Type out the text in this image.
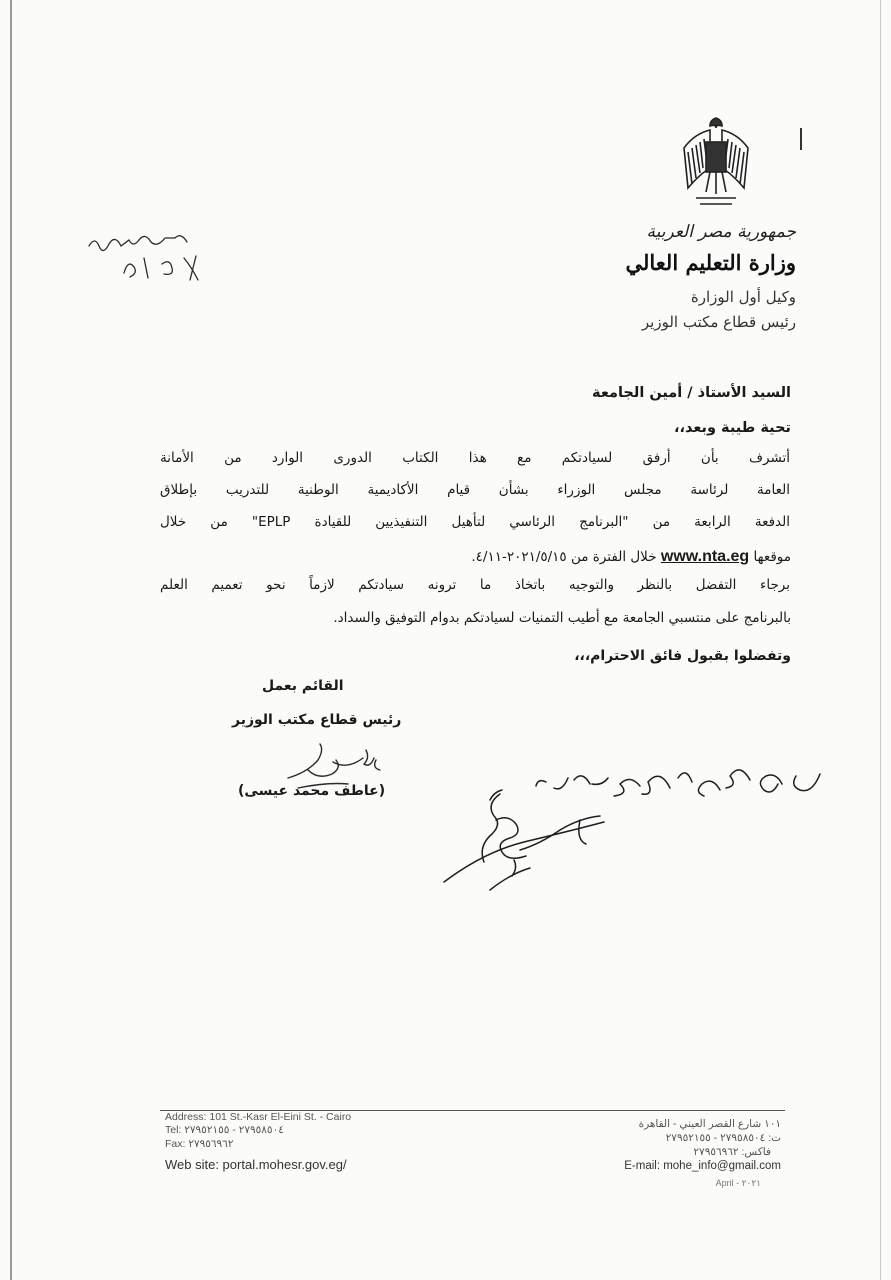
جمهورية مصر العربية
وزارة التعليم العالي
وكيل أول الوزارة
رئيس قطاع مكتب الوزير
السيد الأستاذ / أمين الجامعة
تحية طيبة وبعد،،
أتشرف بأن أرفق لسيادتكم مع هذا الكتاب الدورى الوارد من الأمانة
العامة لرئاسة مجلس الوزراء بشأن قيام الأكاديمية الوطنية للتدريب بإطلاق
الدفعة الرابعة من "البرنامج الرئاسي لتأهيل التنفيذيين للقيادة EPLP" من خلال
موقعها www.nta.eg خلال الفترة من ٢٠٢١/٥/١٥-٤/١١.
برجاء التفضل بالنظر والتوجيه باتخاذ ما ترونه سيادتكم لازماً نحو تعميم العلم
بالبرنامج على منتسبي الجامعة مع أطيب التمنيات لسيادتكم بدوام التوفيق والسداد.
وتفضلوا بقبول فائق الاحترام،،،
القائم بعمل
رئيس قطاع مكتب الوزير
(عاطف محمد عيسى)
Address: 101 St.-Kasr El-Eini St. - Cairo
Tel: ٢٧٩٥٨٥٠٤ - ٢٧٩٥٢١٥٥
Fax: ٢٧٩٥٦٩٦٢
Web site: portal.mohesr.gov.eg/
١٠١ شارع القصر العيني - القاهرة
ت: ٢٧٩٥٨٥٠٤ - ٢٧٩٥٢١٥٥
فاكس: ٢٧٩٥٦٩٦٢
E-mail: mohe_info@gmail.com
April - ٢٠٢١
